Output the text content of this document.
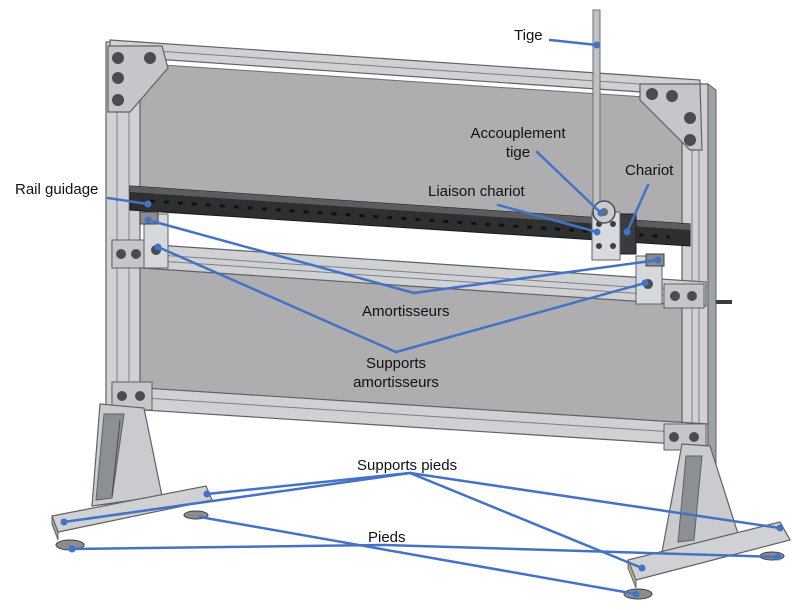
Tige
Accouplement
tige
Chariot
Liaison chariot
Rail guidage
Amortisseurs
Supports
amortisseurs
Supports pieds
Pieds
